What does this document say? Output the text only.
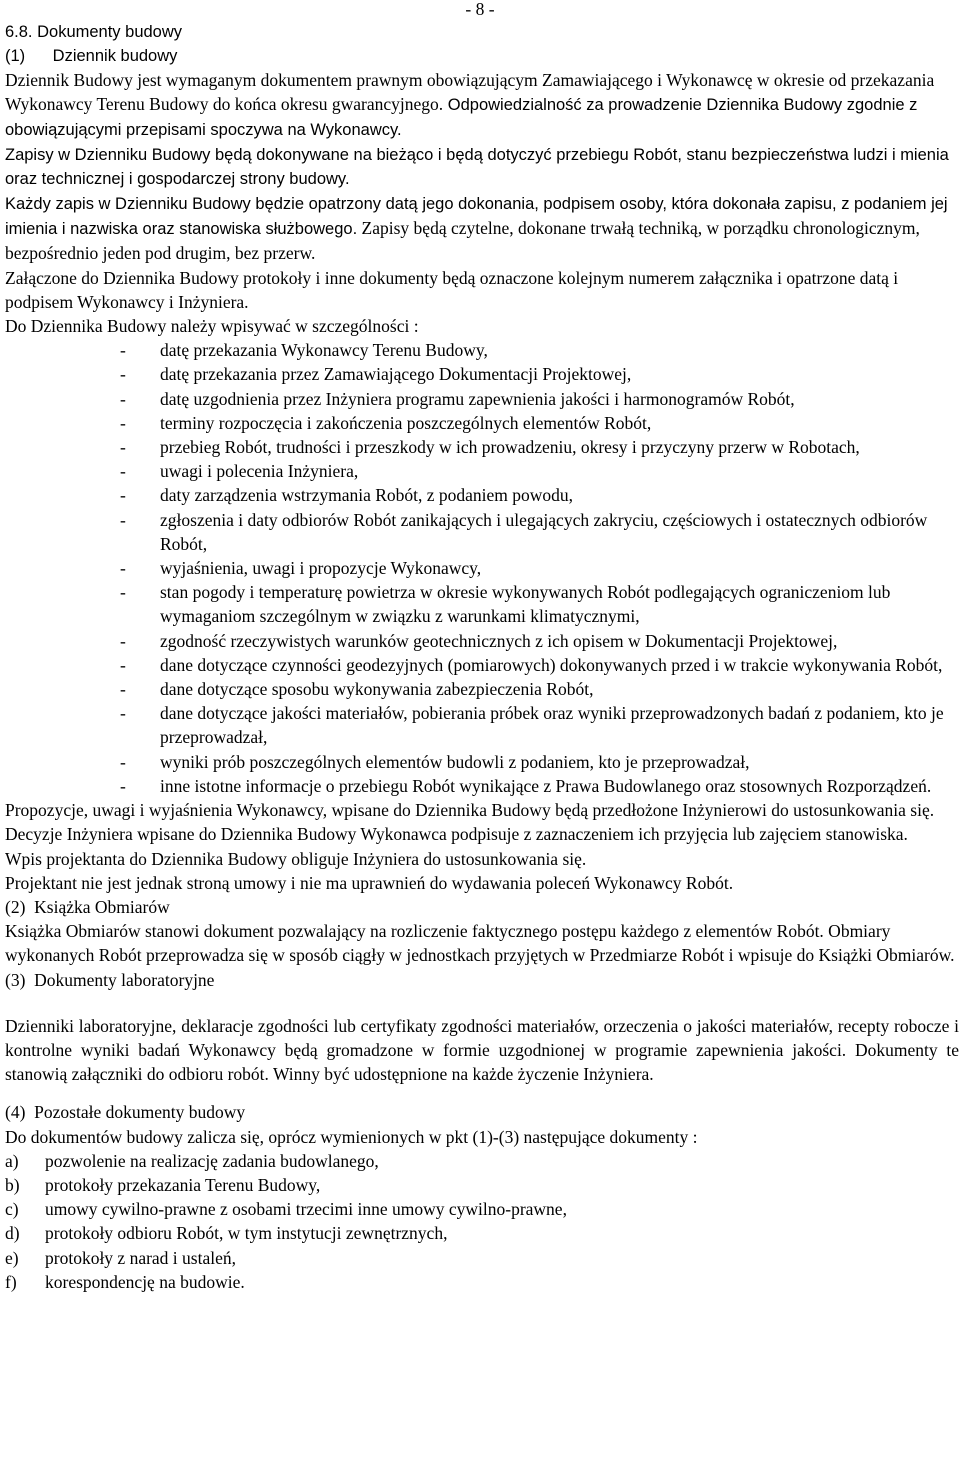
- 8 -

6.8. Dokumenty budowy

(1)      Dziennik budowy

Dziennik Budowy jest wymaganym dokumentem prawnym obowiązującym Zamawiającego i Wykonawcę w okresie od przekazania Wykonawcy Terenu Budowy do końca okresu gwarancyjnego. Odpowiedzialność za prowadzenie Dziennika Budowy zgodnie z obowiązującymi przepisami spoczywa na Wykonawcy.

Zapisy w Dzienniku Budowy będą dokonywane na bieżąco i będą dotyczyć przebiegu Robót, stanu bezpieczeństwa ludzi i mienia oraz technicznej i gospodarczej strony budowy.

Każdy zapis w Dzienniku Budowy będzie opatrzony datą jego dokonania, podpisem osoby, która dokonała zapisu, z podaniem jej imienia i nazwiska oraz stanowiska służbowego. Zapisy będą czytelne, dokonane trwałą techniką, w porządku chronologicznym, bezpośrednio jeden pod drugim, bez przerw.

Załączone do Dziennika Budowy protokoły i inne dokumenty będą oznaczone kolejnym numerem załącznika i opatrzone datą i podpisem Wykonawcy i Inżyniera.

Do Dziennika Budowy należy wpisywać w szczególności :

- datę przekazania Wykonawcy Terenu Budowy,
- datę przekazania przez Zamawiającego Dokumentacji Projektowej,
- datę uzgodnienia przez Inżyniera programu zapewnienia jakości i harmonogramów Robót,
- terminy rozpoczęcia i zakończenia poszczególnych elementów Robót,
- przebieg Robót, trudności i przeszkody w ich prowadzeniu, okresy i przyczyny przerw w Robotach,
- uwagi i polecenia Inżyniera,
- daty zarządzenia wstrzymania Robót, z podaniem powodu,
- zgłoszenia i daty odbiorów Robót zanikających i ulegających zakryciu, częściowych i ostatecznych odbiorów Robót,
- wyjaśnienia, uwagi i propozycje Wykonawcy,
- stan pogody i temperaturę powietrza w okresie wykonywanych Robót podlegających ograniczeniom lub wymaganiom szczególnym w związku z warunkami klimatycznymi,
- zgodność rzeczywistych warunków geotechnicznych z ich opisem w Dokumentacji Projektowej,
- dane dotyczące czynności geodezyjnych (pomiarowych) dokonywanych przed i w trakcie wykonywania Robót,
- dane dotyczące sposobu wykonywania zabezpieczenia Robót,
- dane dotyczące jakości materiałów, pobierania próbek oraz wyniki przeprowadzonych badań z podaniem, kto je przeprowadzał,
- wyniki prób poszczególnych elementów budowli z podaniem, kto je przeprowadzał,
- inne istotne informacje o przebiegu Robót wynikające z Prawa Budowlanego oraz stosownych Rozporządzeń.

Propozycje, uwagi i wyjaśnienia Wykonawcy, wpisane do Dziennika Budowy będą przedłożone Inżynierowi do ustosunkowania się. Decyzje Inżyniera wpisane do Dziennika Budowy Wykonawca podpisuje z zaznaczeniem ich przyjęcia lub zajęciem stanowiska.

Wpis projektanta do Dziennika Budowy obliguje Inżyniera do ustosunkowania się.

Projektant nie jest jednak stroną umowy i nie ma uprawnień do wydawania poleceń Wykonawcy Robót.

(2)  Książka Obmiarów

Książka Obmiarów stanowi dokument pozwalający na rozliczenie faktycznego postępu każdego z elementów Robót. Obmiary wykonanych Robót przeprowadza się w sposób ciągły w jednostkach przyjętych w Przedmiarze Robót i wpisuje do Książki Obmiarów.

(3)  Dokumenty laboratoryjne

Dzienniki laboratoryjne, deklaracje zgodności lub certyfikaty zgodności materiałów, orzeczenia o jakości materiałów, recepty robocze i kontrolne wyniki badań Wykonawcy będą gromadzone w formie uzgodnionej w programie zapewnienia jakości. Dokumenty te stanowią załączniki do odbioru robót. Winny być udostępnione na każde życzenie Inżyniera.

(4)  Pozostałe dokumenty budowy

Do dokumentów budowy zalicza się, oprócz wymienionych w pkt (1)-(3) następujące dokumenty :

a) pozwolenie na realizację zadania budowlanego,
b) protokoły przekazania Terenu Budowy,
c) umowy cywilno-prawne z osobami trzecimi inne umowy cywilno-prawne,
d) protokoły odbioru Robót, w tym instytucji zewnętrznych,
e) protokoły z narad i ustaleń,
f) korespondencję na budowie.
